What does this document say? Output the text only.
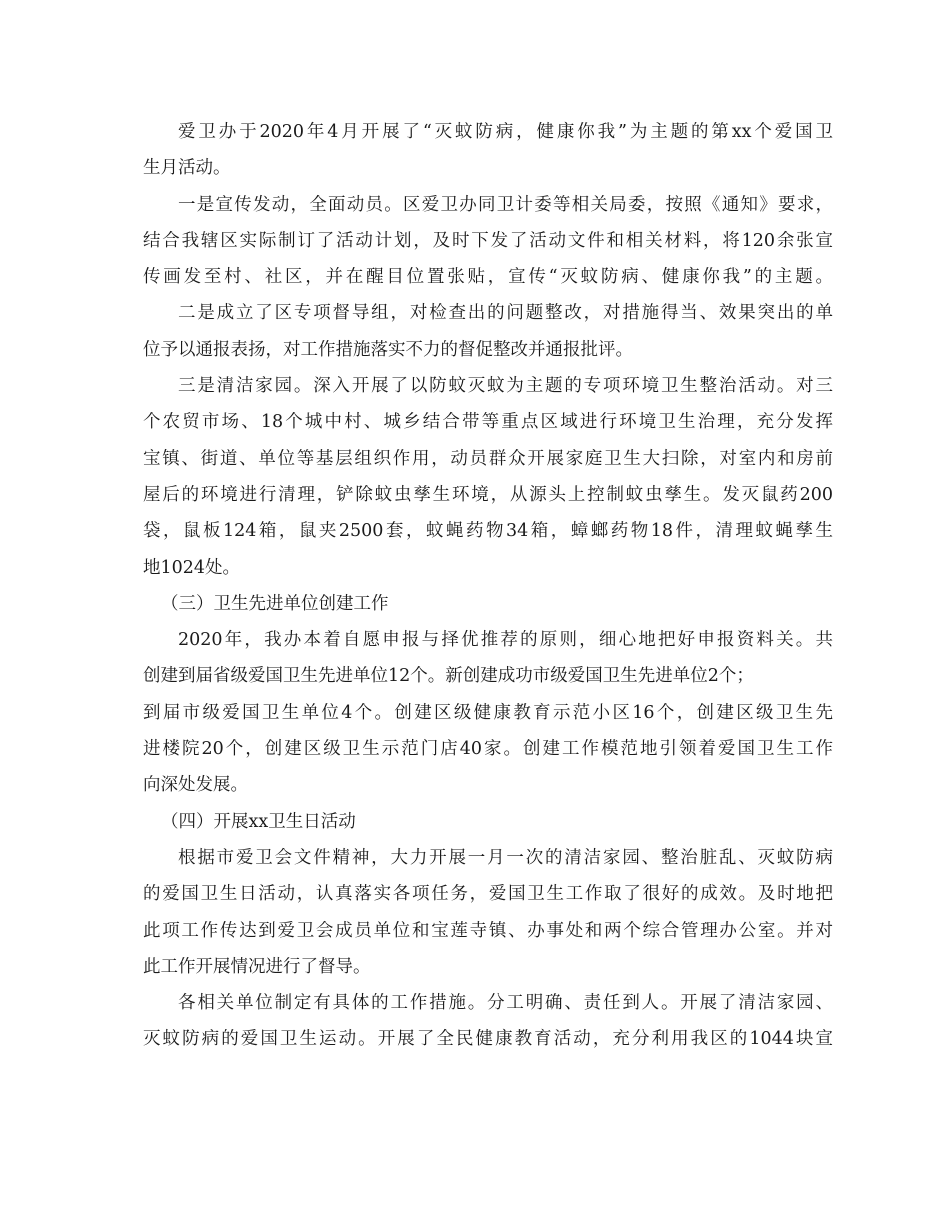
爱卫办于2020年4月开展了“灭蚊防病，健康你我”为主题的第xx个爱国卫
生月活动。
一是宣传发动，全面动员。区爱卫办同卫计委等相关局委，按照《通知》要求，
结合我辖区实际制订了活动计划，及时下发了活动文件和相关材料，将120余张宣
传画发至村、社区，并在醒目位置张贴，宣传“灭蚊防病、健康你我”的主题。
二是成立了区专项督导组，对检查出的问题整改，对措施得当、效果突出的单
位予以通报表扬，对工作措施落实不力的督促整改并通报批评。
三是清洁家园。深入开展了以防蚊灭蚊为主题的专项环境卫生整治活动。对三
个农贸市场、18个城中村、城乡结合带等重点区域进行环境卫生治理，充分发挥
宝镇、街道、单位等基层组织作用，动员群众开展家庭卫生大扫除，对室内和房前
屋后的环境进行清理，铲除蚊虫孳生环境，从源头上控制蚊虫孳生。发灭鼠药200
袋，鼠板124箱，鼠夹2500套，蚊蝇药物34箱，蟑螂药物18件，清理蚊蝇孳生
地1024处。
（三）卫生先进单位创建工作
2020年，我办本着自愿申报与择优推荐的原则，细心地把好申报资料关。共
创建到届省级爱国卫生先进单位12个。新创建成功市级爱国卫生先进单位2个；
到届市级爱国卫生单位4个。创建区级健康教育示范小区16个，创建区级卫生先
进楼院20个，创建区级卫生示范门店40家。创建工作模范地引领着爱国卫生工作
向深处发展。
（四）开展xx卫生日活动
根据市爱卫会文件精神，大力开展一月一次的清洁家园、整治脏乱、灭蚊防病
的爱国卫生日活动，认真落实各项任务，爱国卫生工作取了很好的成效。及时地把
此项工作传达到爱卫会成员单位和宝莲寺镇、办事处和两个综合管理办公室。并对
此工作开展情况进行了督导。
各相关单位制定有具体的工作措施。分工明确、责任到人。开展了清洁家园、
灭蚊防病的爱国卫生运动。开展了全民健康教育活动，充分利用我区的1044块宣
